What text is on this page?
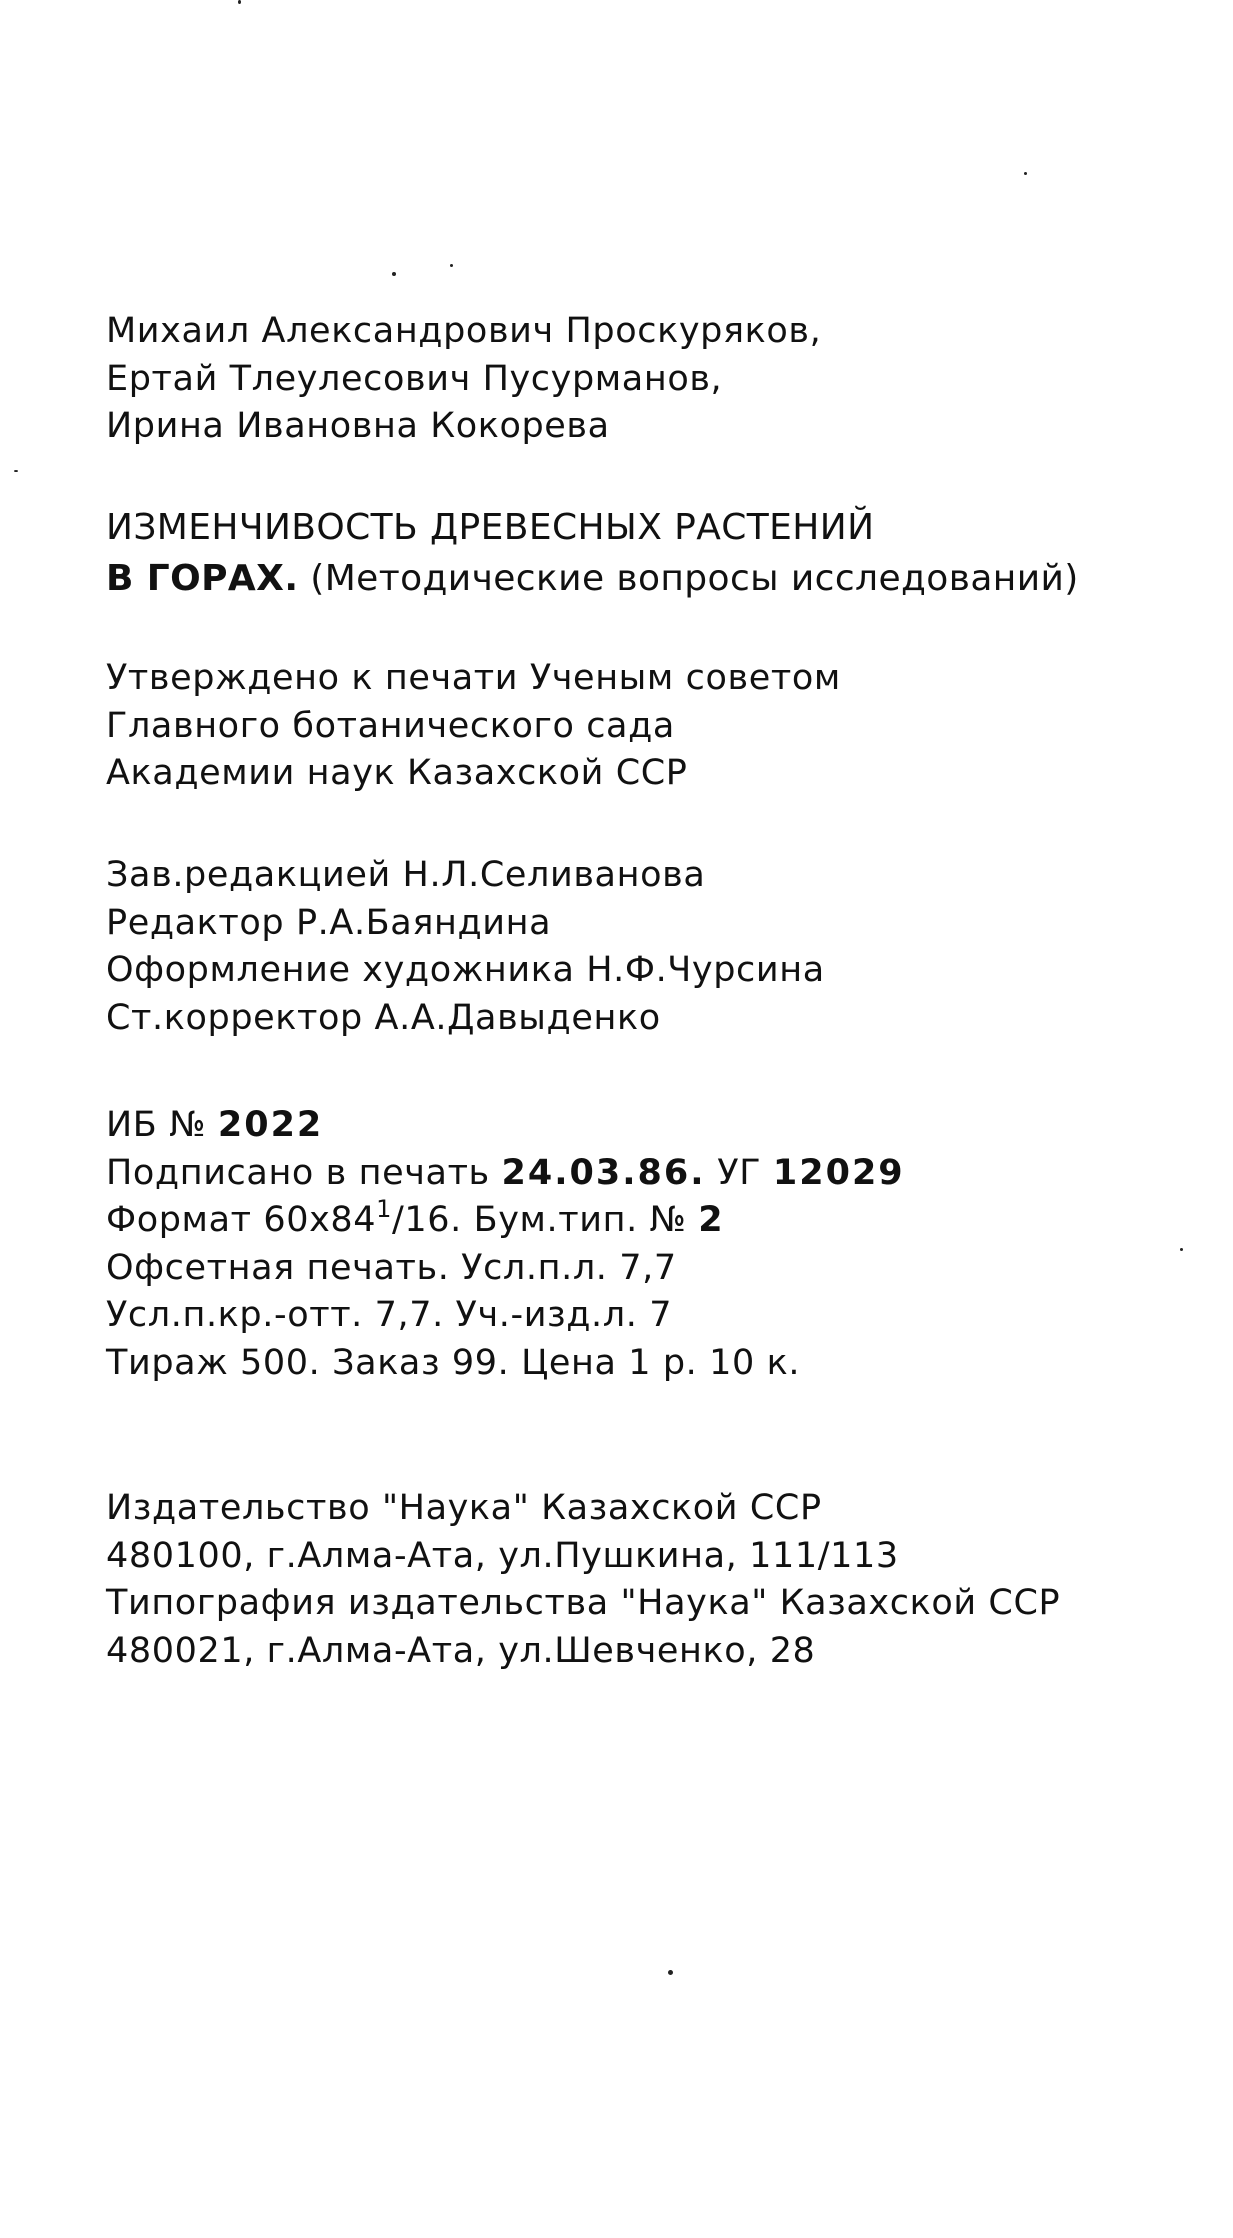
Михаил Александрович Проскуряков,
Ертай Тлеулесович Пусурманов,
Ирина Ивановна Кокорева
ИЗМЕНЧИВОСТЬ ДРЕВЕСНЫХ РАСТЕНИЙ
В ГОРАХ. (Методические вопросы исследований)
Утверждено к печати Ученым советом
Главного ботанического сада
Академии наук Казахской ССР
Зав.редакцией Н.Л.Селиванова
Редактор Р.А.Баяндина
Оформление художника Н.Ф.Чурсина
Ст.корректор А.А.Давыденко
ИБ № 2022
Подписано в печать 24.03.86. УГ 12029
Формат $60х84^1/16$. Бум.тип. № 2
Офсетная печать. Усл.п.л. 7,7
Усл.п.кр.-отт. 7,7. Уч.-изд.л. 7
Тираж 500. Заказ 99. Цена 1 р. 10 к.
Издательство "Наука" Казахской ССР
480100, г.Алма-Ата, ул.Пушкина, 111/113
Типография издательства "Наука" Казахской ССР
480021, г.Алма-Ата, ул.Шевченко, 28
